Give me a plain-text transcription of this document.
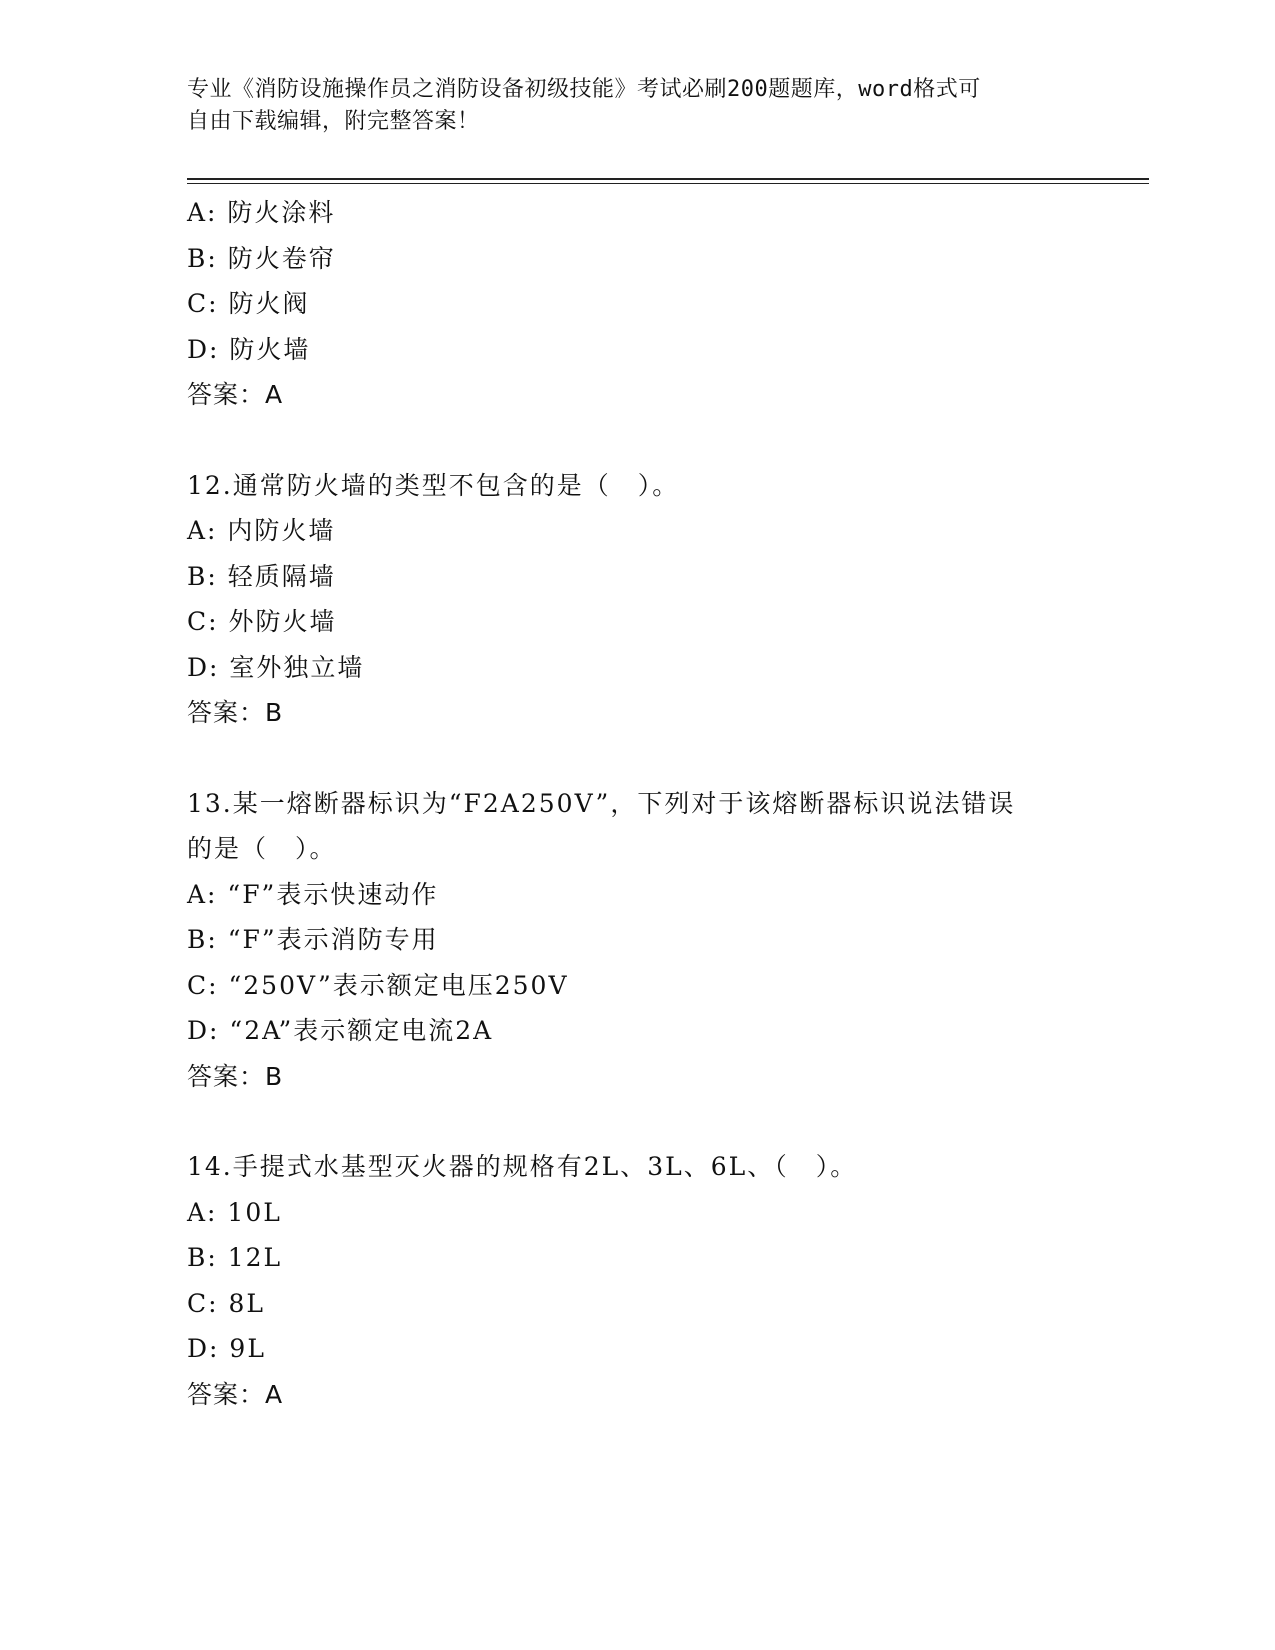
专业《消防设施操作员之消防设备初级技能》考试必刷200题题库，word格式可
自由下载编辑，附完整答案！
A: 防火涂料
B: 防火卷帘
C: 防火阀
D: 防火墙
答案：A
12.通常防火墙的类型不包含的是（　）。
A: 内防火墙
B: 轻质隔墙
C: 外防火墙
D: 室外独立墙
答案：B
13.某一熔断器标识为“F2A250V”，下列对于该熔断器标识说法错误
的是（　）。
A: “F”表示快速动作
B: “F”表示消防专用
C: “250V”表示额定电压250V
D: “2A”表示额定电流2A
答案：B
14.手提式水基型灭火器的规格有2L、3L、6L、（　）。
A: 10L
B: 12L
C: 8L
D: 9L
答案：A
